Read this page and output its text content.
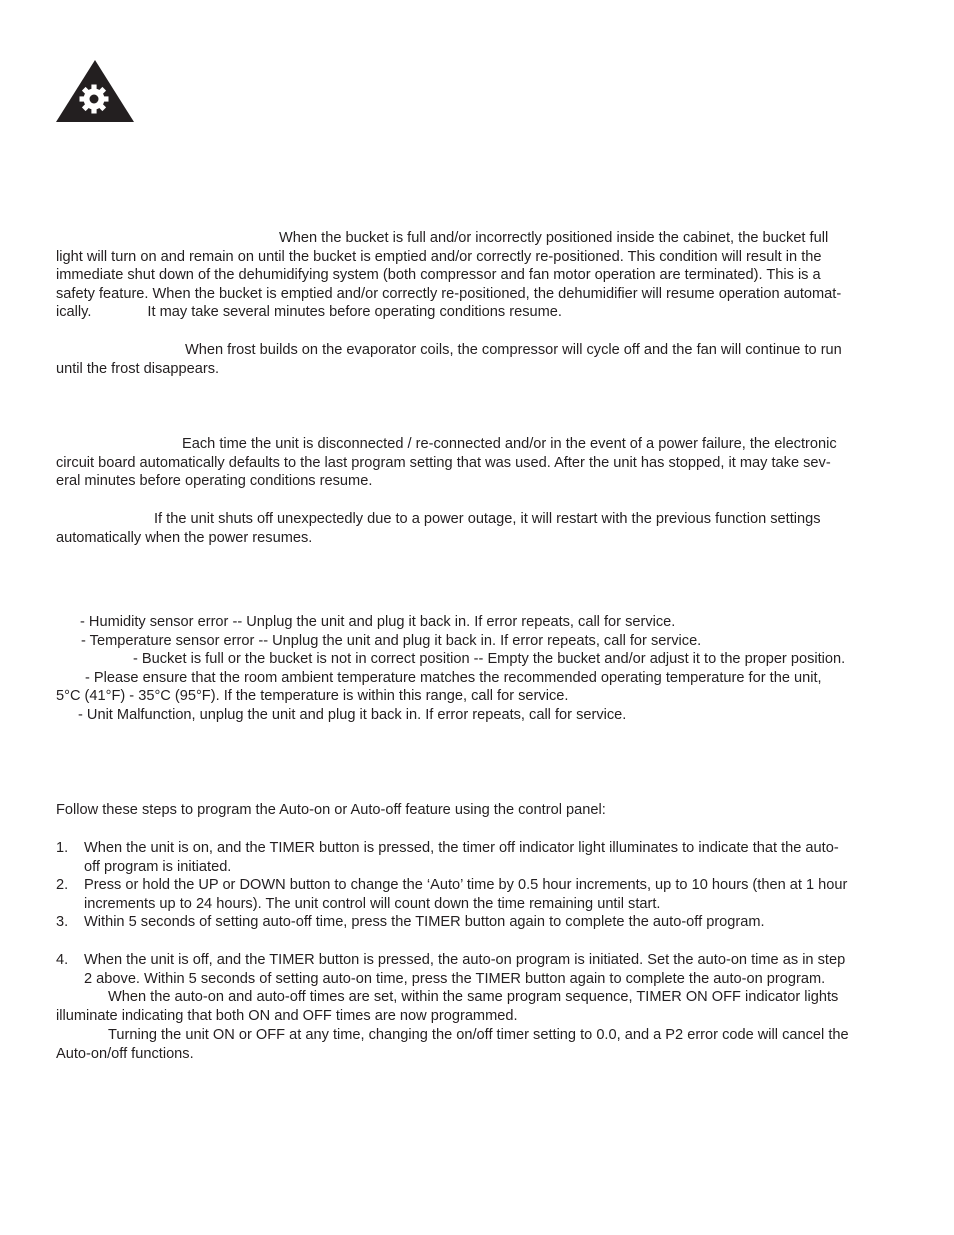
When the bucket is full and/or incorrectly positioned inside the cabinet, the bucket full
light will turn on and remain on until the bucket is emptied and/or correctly re-positioned. This condition will result in the
immediate shut down of the dehumidifying system (both compressor and fan motor operation are terminated). This is a
safety feature. When the bucket is emptied and/or correctly re-positioned, the dehumidifier will resume operation automat-
ically.	It may take several minutes before operating conditions resume.
When frost builds on the evaporator coils, the compressor will cycle off and the fan will continue to run
until the frost disappears.
Each time the unit is disconnected / re-connected and/or in the event of a power failure, the electronic
circuit board automatically defaults to the last program setting that was used. After the unit has stopped, it may take sev-
eral minutes before operating conditions resume.
If the unit shuts off unexpectedly due to a power outage, it will restart with the previous function settings
automatically when the power resumes.
- Humidity sensor error -- Unplug the unit and plug it back in. If error repeats, call for service.
- Temperature sensor error -- Unplug the unit and plug it back in. If error repeats, call for service.
- Bucket is full or the bucket is not in correct position -- Empty the bucket and/or adjust it to the proper position.
- Please ensure that the room ambient temperature matches the recommended operating temperature for the unit,
5°C (41°F) - 35°C (95°F). If the temperature is within this range, call for service.
- Unit Malfunction, unplug the unit and plug it back in. If error repeats, call for service.
Follow these steps to program the Auto-on or Auto-off feature using the control panel:
1. When the unit is on, and the TIMER button is pressed, the timer off indicator light illuminates to indicate that the auto-
off program is initiated.
2. Press or hold the UP or DOWN button to change the ‘Auto’ time by 0.5 hour increments, up to 10 hours (then at 1 hour
increments up to 24 hours). The unit control will count down the time remaining until start.
3. Within 5 seconds of setting auto-off time, press the TIMER button again to complete the auto-off program.
4. When the unit is off, and the TIMER button is pressed, the auto-on program is initiated. Set the auto-on time as in step
2 above. Within 5 seconds of setting auto-on time, press the TIMER button again to complete the auto-on program.
When the auto-on and auto-off times are set, within the same program sequence, TIMER ON OFF indicator lights
illuminate indicating that both ON and OFF times are now programmed.
Turning the unit ON or OFF at any time, changing the on/off timer setting to 0.0, and a P2 error code will cancel the
Auto-on/off functions.
